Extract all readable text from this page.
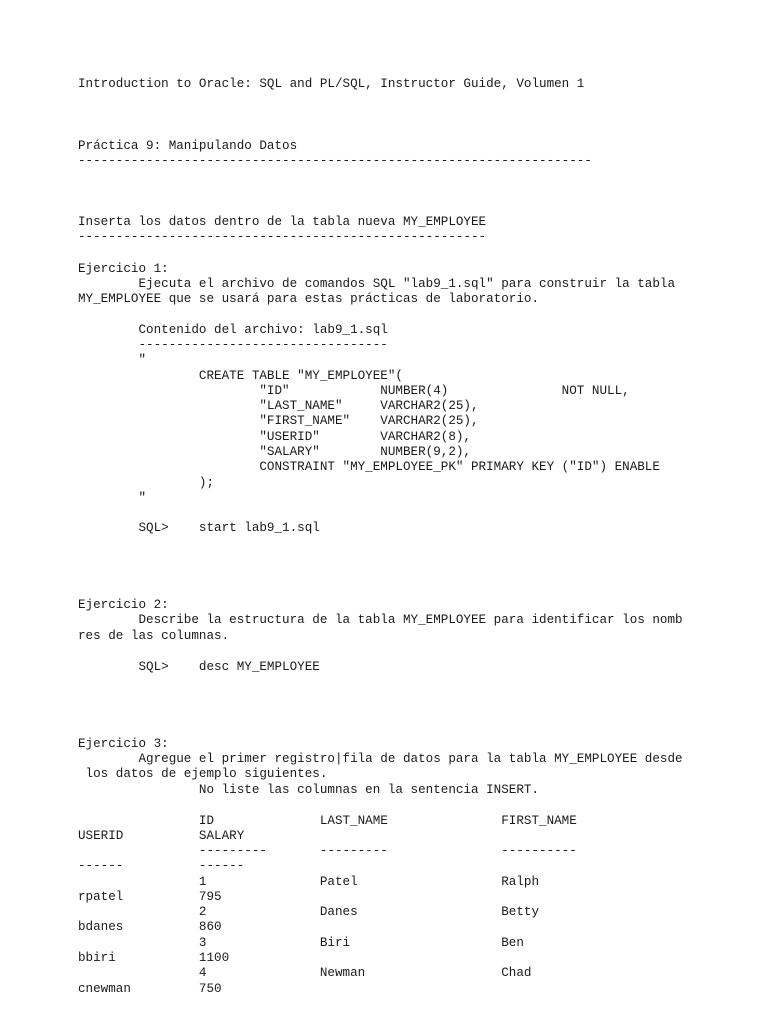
Introduction to Oracle: SQL and PL/SQL, Instructor Guide, Volumen 1
Práctica 9: Manipulando Datos
--------------------------------------------------------------------
Inserta los datos dentro de la tabla nueva MY_EMPLOYEE
------------------------------------------------------
Ejercicio 1:
Ejecuta el archivo de comandos SQL "lab9_1.sql" para construir la tabla
MY_EMPLOYEE que se usará para estas prácticas de laboratorio.
Contenido del archivo: lab9_1.sql
---------------------------------
"
CREATE TABLE "MY_EMPLOYEE"(
"ID"            NUMBER(4)               NOT NULL,
"LAST_NAME"     VARCHAR2(25),
"FIRST_NAME"    VARCHAR2(25),
"USERID"        VARCHAR2(8),
"SALARY"        NUMBER(9,2),
CONSTRAINT "MY_EMPLOYEE_PK" PRIMARY KEY ("ID") ENABLE
);
"
SQL>    start lab9_1.sql
Ejercicio 2:
Describe la estructura de la tabla MY_EMPLOYEE para identificar los nomb
res de las columnas.
SQL>    desc MY_EMPLOYEE
Ejercicio 3:
Agregue el primer registro|fila de datos para la tabla MY_EMPLOYEE desde
los datos de ejemplo siguientes.
No liste las columnas en la sentencia INSERT.
ID              LAST_NAME               FIRST_NAME
USERID          SALARY
---------       ---------               ----------
------          ------
1               Patel                   Ralph
rpatel          795
2               Danes                   Betty
bdanes          860
3               Biri                    Ben
bbiri           1100
4               Newman                  Chad
cnewman         750
